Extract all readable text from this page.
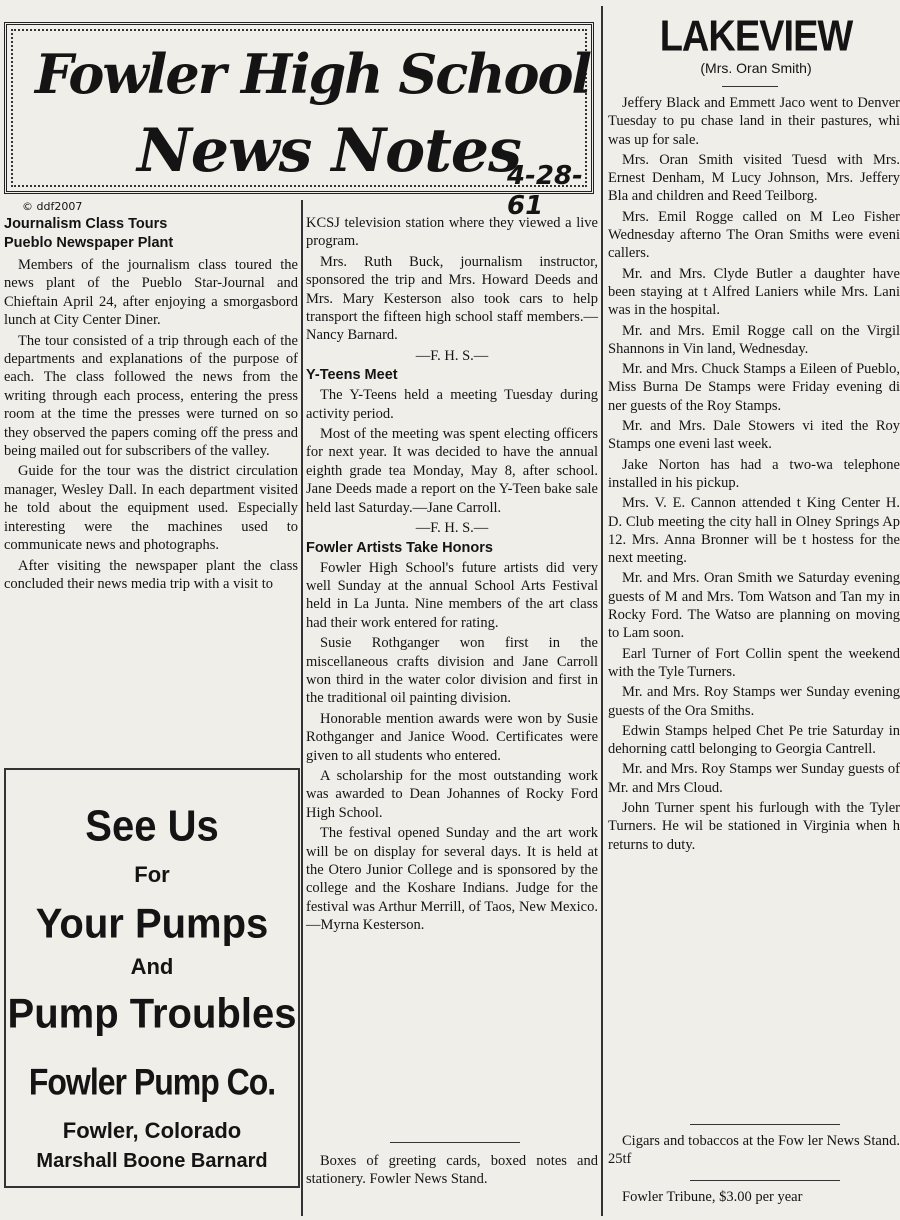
Fowler High School
News Notes
4-28-61
© ddf2007
LAKEVIEW
(Mrs. Oran Smith)

Journalism Class Tours

Pueblo Newspaper Plant

Members of the journalism class toured the news plant of the Pueblo Star-Journal and Chieftain April 24, after enjoying a smorgasbord lunch at City Center Diner.

The tour consisted of a trip through each of the departments and explanations of the purpose of each. The class followed the news from the writing through each process, entering the press room at the time the presses were turned on so they observed the papers coming off the press and being mailed out for subscribers of the valley.

Guide for the tour was the district circulation manager, Wesley Dall. In each department visited he told about the equipment used. Especially interesting were the machines used to communicate news and photographs.

After visiting the newspaper plant the class concluded their news media trip with a visit to

See Us
For
Your Pumps
And
Pump Troubles
Fowler Pump Co.
Fowler, Colorado
Marshall Boone Barnard

KCSJ television station where they viewed a live program.

Mrs. Ruth Buck, journalism instructor, sponsored the trip and Mrs. Howard Deeds and Mrs. Mary Kesterson also took cars to help transport the fifteen high school staff members.—Nancy Barnard.

—F. H. S.—

Y-Teens Meet

The Y-Teens held a meeting Tuesday during activity period.

Most of the meeting was spent electing officers for next year. It was decided to have the annual eighth grade tea Monday, May 8, after school. Jane Deeds made a report on the Y-Teen bake sale held last Saturday.—Jane Carroll.

—F. H. S.—

Fowler Artists Take Honors

Fowler High School's future artists did very well Sunday at the annual School Arts Festival held in La Junta. Nine members of the art class had their work entered for rating.

Susie Rothganger won first in the miscellaneous crafts division and Jane Carroll won third in the water color division and first in the traditional oil painting division.

Honorable mention awards were won by Susie Rothganger and Janice Wood. Certificates were given to all students who entered.

A scholarship for the most outstanding work was awarded to Dean Johannes of Rocky Ford High School.

The festival opened Sunday and the art work will be on display for several days. It is held at the Otero Junior College and is sponsored by the college and the Koshare Indians. Judge for the festival was Arthur Merrill, of Taos, New Mexico.—Myrna Kesterson.

Boxes of greeting cards, boxed notes and stationery. Fowler News Stand.

Jeffery Black and Emmett Jaco went to Denver Tuesday to pu chase land in their pastures, whi was up for sale.

Mrs. Oran Smith visited Tuesd with Mrs. Ernest Denham, M Lucy Johnson, Mrs. Jeffery Bla and children and Reed Teilborg.

Mrs. Emil Rogge called on M Leo Fisher Wednesday afterno The Oran Smiths were eveni callers.

Mr. and Mrs. Clyde Butler a daughter have been staying at t Alfred Laniers while Mrs. Lani was in the hospital.

Mr. and Mrs. Emil Rogge call on the Virgil Shannons in Vin land, Wednesday.

Mr. and Mrs. Chuck Stamps a Eileen of Pueblo, Miss Burna De Stamps were Friday evening di ner guests of the Roy Stamps.

Mr. and Mrs. Dale Stowers vi ited the Roy Stamps one eveni last week.

Jake Norton has had a two-wa telephone installed in his pickup.

Mrs. V. E. Cannon attended t King Center H. D. Club meeting the city hall in Olney Springs Ap 12. Mrs. Anna Bronner will be t hostess for the next meeting.

Mr. and Mrs. Oran Smith we Saturday evening guests of M and Mrs. Tom Watson and Tan my in Rocky Ford. The Watso are planning on moving to Lam soon.

Earl Turner of Fort Collin spent the weekend with the Tyle Turners.

Mr. and Mrs. Roy Stamps wer Sunday evening guests of the Ora Smiths.

Edwin Stamps helped Chet Pe trie Saturday in dehorning cattl belonging to Georgia Cantrell.

Mr. and Mrs. Roy Stamps wer Sunday guests of Mr. and Mrs Cloud.

John Turner spent his furlough with the Tyler Turners. He wil be stationed in Virginia when h returns to duty.

Cigars and tobaccos at the Fow ler News Stand. 25tf

Fowler Tribune, $3.00 per year
